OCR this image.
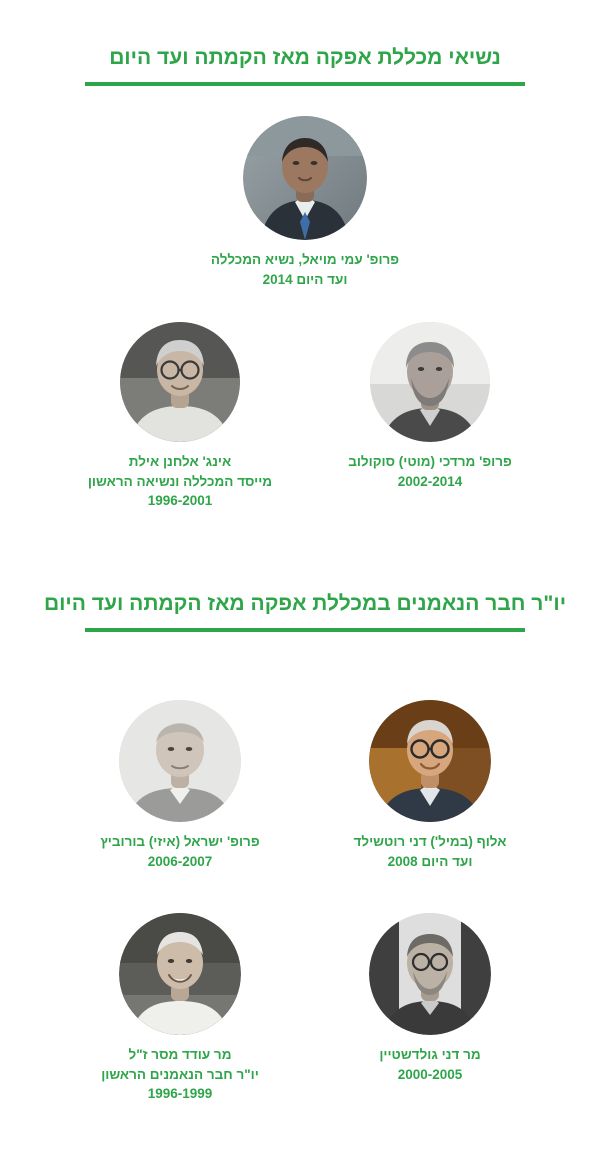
נשיאי מכללת אפקה מאז הקמתה ועד היום
פרופ' עמי מויאל, נשיא המכללה
2014 ועד היום
פרופ' מרדכי (מוטי) סוקולוב
2002-2014
אינג' אלחנן אילת
מייסד המכללה ונשיאה הראשון
1996-2001
יו"ר חבר הנאמנים במכללת אפקה מאז הקמתה ועד היום
אלוף (במיל') דני רוטשילד
2008 ועד היום
פרופ' ישראל (איזי) בורוביץ
2006-2007
מר דני גולדשטיין
2000-2005
מר עודד מסר ז"ל
יו"ר חבר הנאמנים הראשון
1996-1999
